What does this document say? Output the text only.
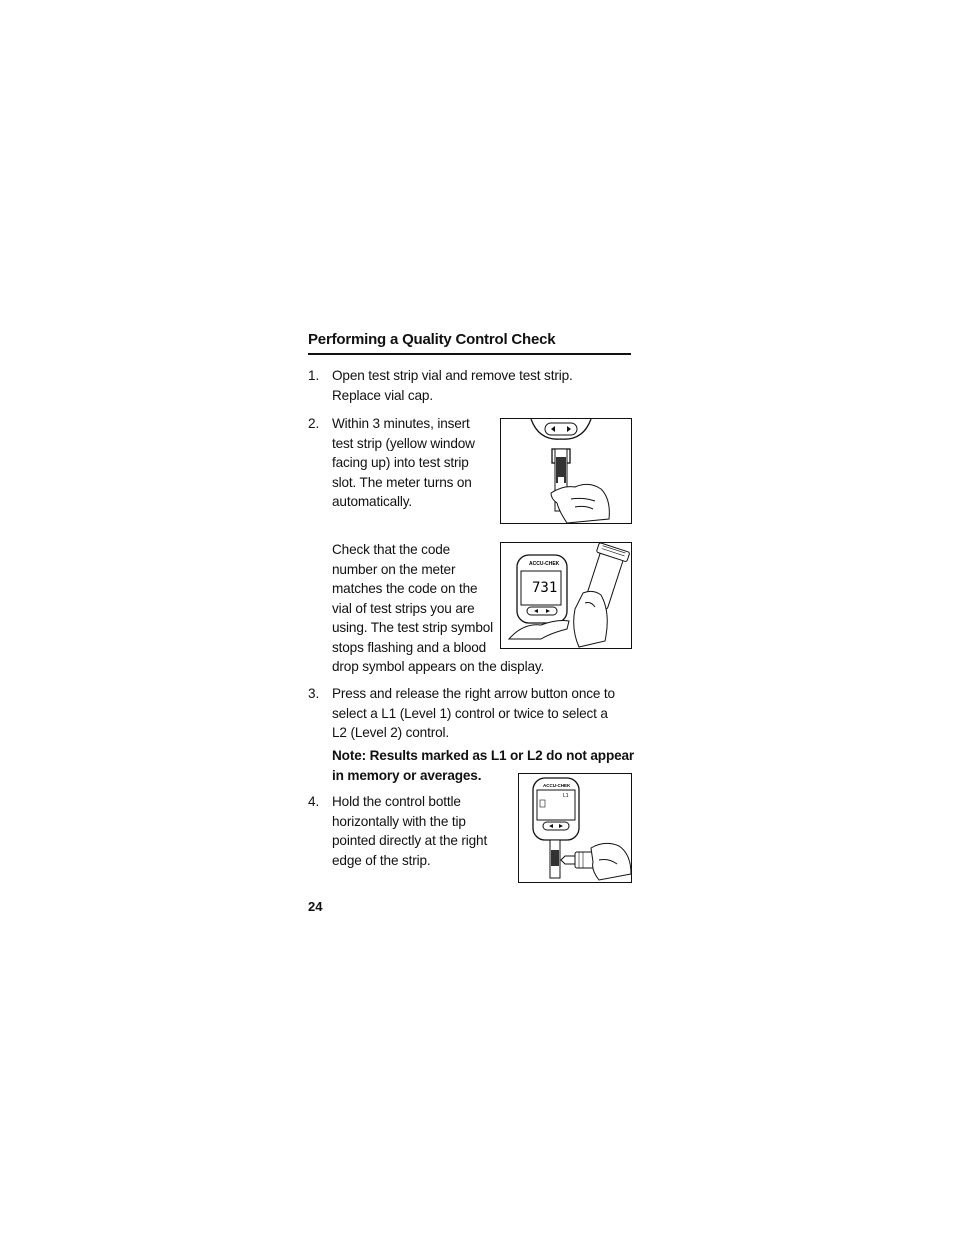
Performing a Quality Control Check
1. Open test strip vial and remove test strip.
Replace vial cap.
2. Within 3 minutes, insert
test strip (yellow window
facing up) into test strip
slot. The meter turns on
automatically.
Check that the code
number on the meter
matches the code on the
vial of test strips you are
using. The test strip symbol
stops flashing and a blood
drop symbol appears on the display.
ACCU-CHEK
731
3. Press and release the right arrow button once to
select a L1 (Level 1) control or twice to select a
L2 (Level 2) control.
Note: Results marked as L1 or L2 do not appear
in memory or averages.
4. Hold the control bottle
horizontally with the tip
pointed directly at the right
edge of the strip.
ACCU-CHEK
L1
24
